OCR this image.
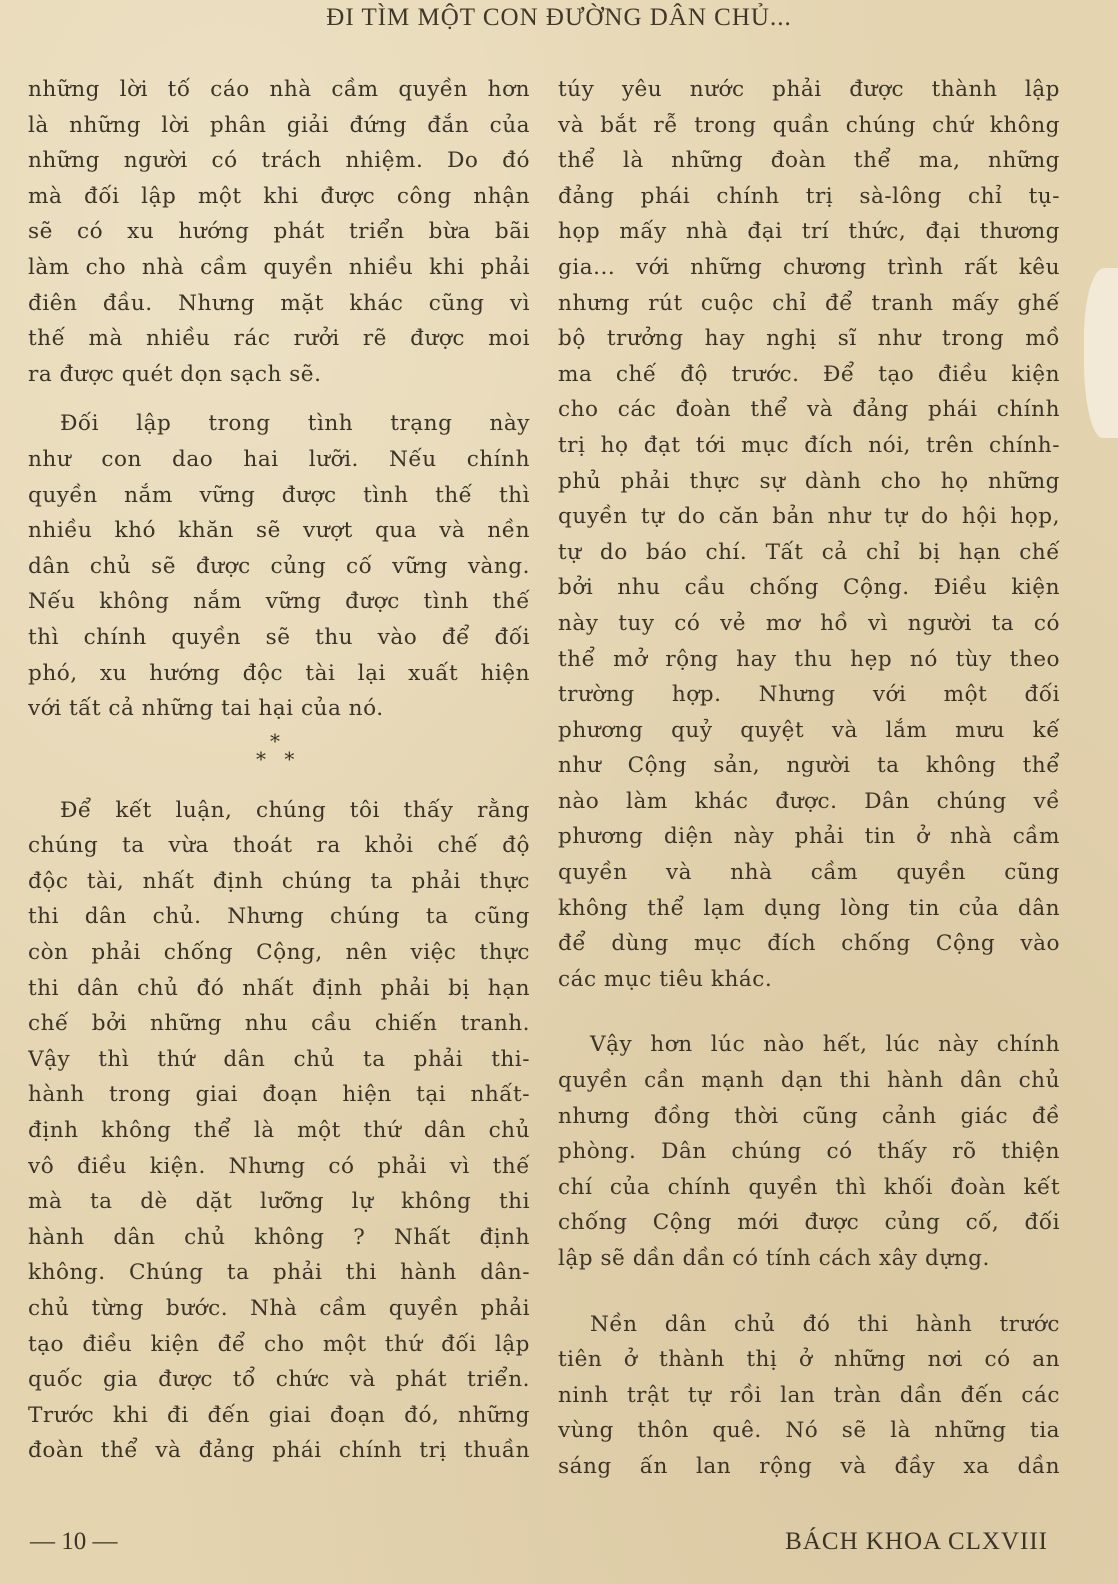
ĐI TÌM MỘT CON ĐƯỜNG DÂN CHỦ...
những lời tố cáo nhà cầm quyền hơn
là những lời phân giải đứng đắn của
những người có trách nhiệm. Do đó
mà đối lập một khi được công nhận
sẽ có xu hướng phát triển bừa bãi
làm cho nhà cầm quyền nhiều khi phải
điên đầu. Nhưng mặt khác cũng vì
thế mà nhiều rác rưởi rẽ được moi
ra được quét dọn sạch sẽ.
Đối lập trong tình trạng này
như con dao hai lưỡi. Nếu chính
quyền nắm vững được tình thế thì
nhiều khó khăn sẽ vượt qua và nền
dân chủ sẽ được củng cố vững vàng.
Nếu không nắm vững được tình thế
thì chính quyền sẽ thu vào để đối
phó, xu hướng độc tài lại xuất hiện
với tất cả những tai hại của nó.
*
* *
Để kết luận, chúng tôi thấy rằng
chúng ta vừa thoát ra khỏi chế độ
độc tài, nhất định chúng ta phải thực
thi dân chủ. Nhưng chúng ta cũng
còn phải chống Cộng, nên việc thực
thi dân chủ đó nhất định phải bị hạn
chế bởi những nhu cầu chiến tranh.
Vậy thì thứ dân chủ ta phải thi-
hành trong giai đoạn hiện tại nhất-
định không thể là một thứ dân chủ
vô điều kiện. Nhưng có phải vì thế
mà ta dè dặt lưỡng lự không thi
hành dân chủ không ? Nhất định
không. Chúng ta phải thi hành dân-
chủ từng bước. Nhà cầm quyền phải
tạo điều kiện để cho một thứ đối lập
quốc gia được tổ chức và phát triển.
Trước khi đi đến giai đoạn đó, những
đoàn thể và đảng phái chính trị thuần
túy yêu nước phải được thành lập
và bắt rễ trong quần chúng chứ không
thể là những đoàn thể ma, những
đảng phái chính trị sà-lông chỉ tụ-
họp mấy nhà đại trí thức, đại thương
gia... với những chương trình rất kêu
nhưng rút cuộc chỉ để tranh mấy ghế
bộ trưởng hay nghị sĩ như trong mồ
ma chế độ trước. Để tạo điều kiện
cho các đoàn thể và đảng phái chính
trị họ đạt tới mục đích nói, trên chính-
phủ phải thực sự dành cho họ những
quyền tự do căn bản như tự do hội họp,
tự do báo chí. Tất cả chỉ bị hạn chế
bởi nhu cầu chống Cộng. Điều kiện
này tuy có vẻ mơ hồ vì người ta có
thể mở rộng hay thu hẹp nó tùy theo
trường hợp. Nhưng với một đối
phương quỷ quyệt và lắm mưu kế
như Cộng sản, người ta không thể
nào làm khác được. Dân chúng về
phương diện này phải tin ở nhà cầm
quyền và nhà cầm quyền cũng
không thể lạm dụng lòng tin của dân
để dùng mục đích chống Cộng vào
các mục tiêu khác.
Vậy hơn lúc nào hết, lúc này chính
quyền cần mạnh dạn thi hành dân chủ
nhưng đồng thời cũng cảnh giác đề
phòng. Dân chúng có thấy rõ thiện
chí của chính quyền thì khối đoàn kết
chống Cộng mới được củng cố, đối
lập sẽ dần dần có tính cách xây dựng.
Nền dân chủ đó thi hành trước
tiên ở thành thị ở những nơi có an
ninh trật tự rồi lan tràn dần đến các
vùng thôn quê. Nó sẽ là những tia
sáng ấn lan rộng và đầy xa dần
— 10 —	BÁCH KHOA CLXVIII
